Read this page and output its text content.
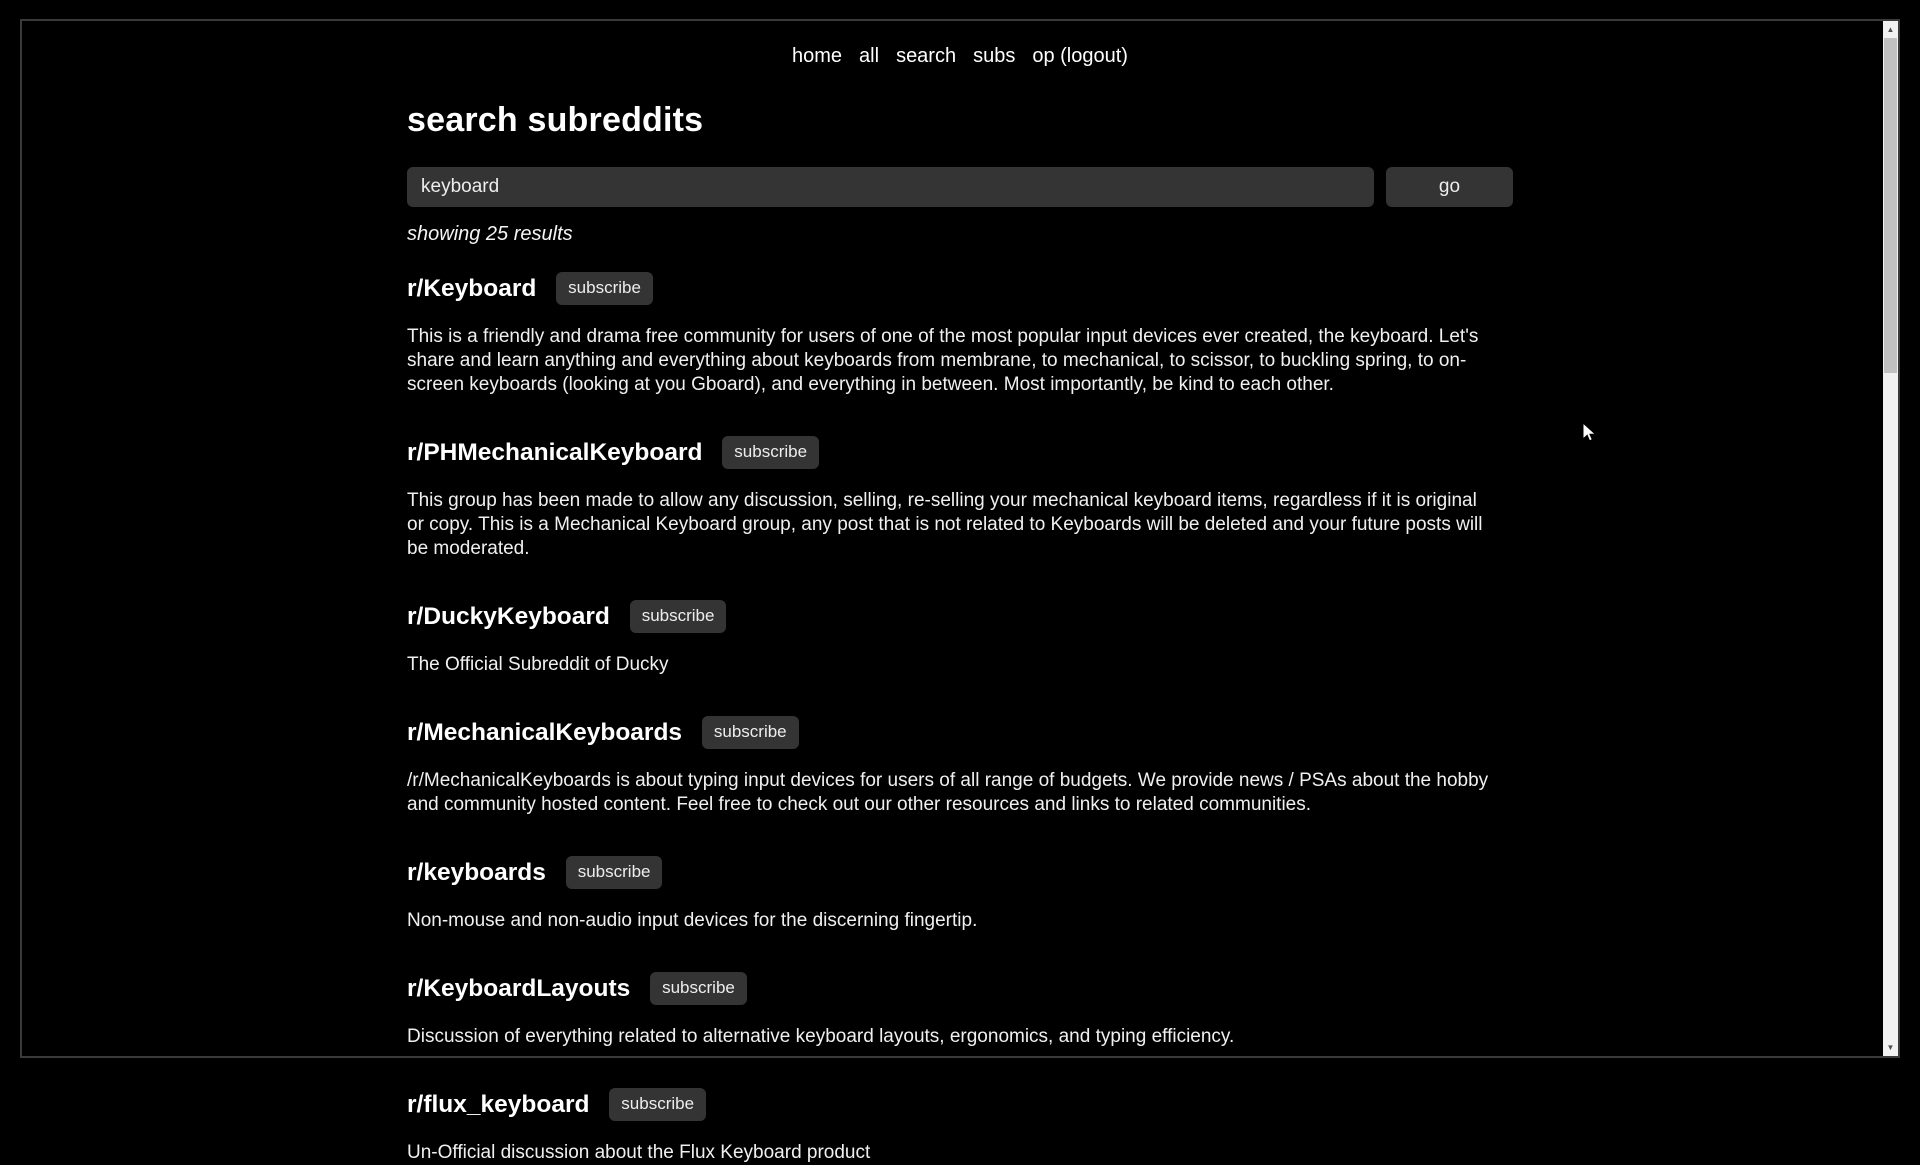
home all search subs op (logout)
search subreddits
keyboard
go
showing 25 results
r/Keyboard subscribe

This is a friendly and drama free community for users of one of the most popular input devices ever created, the keyboard. Let's share and learn anything and everything about keyboards from membrane, to mechanical, to scissor, to buckling spring, to on-screen keyboards (looking at you Gboard), and everything in between. Most importantly, be kind to each other.

r/PHMechanicalKeyboard subscribe

This group has been made to allow any discussion, selling, re-selling your mechanical keyboard items, regardless if it is original or copy. This is a Mechanical Keyboard group, any post that is not related to Keyboards will be deleted and your future posts will be moderated.

r/DuckyKeyboard subscribe

The Official Subreddit of Ducky

r/MechanicalKeyboards subscribe

/r/MechanicalKeyboards is about typing input devices for users of all range of budgets. We provide news / PSAs about the hobby and community hosted content. Feel free to check out our other resources and links to related communities.

r/keyboards subscribe

Non-mouse and non-audio input devices for the discerning fingertip.

r/KeyboardLayouts subscribe

Discussion of everything related to alternative keyboard layouts, ergonomics, and typing efficiency.

r/flux_keyboard subscribe

Un-Official discussion about the Flux Keyboard product

▲
▼
